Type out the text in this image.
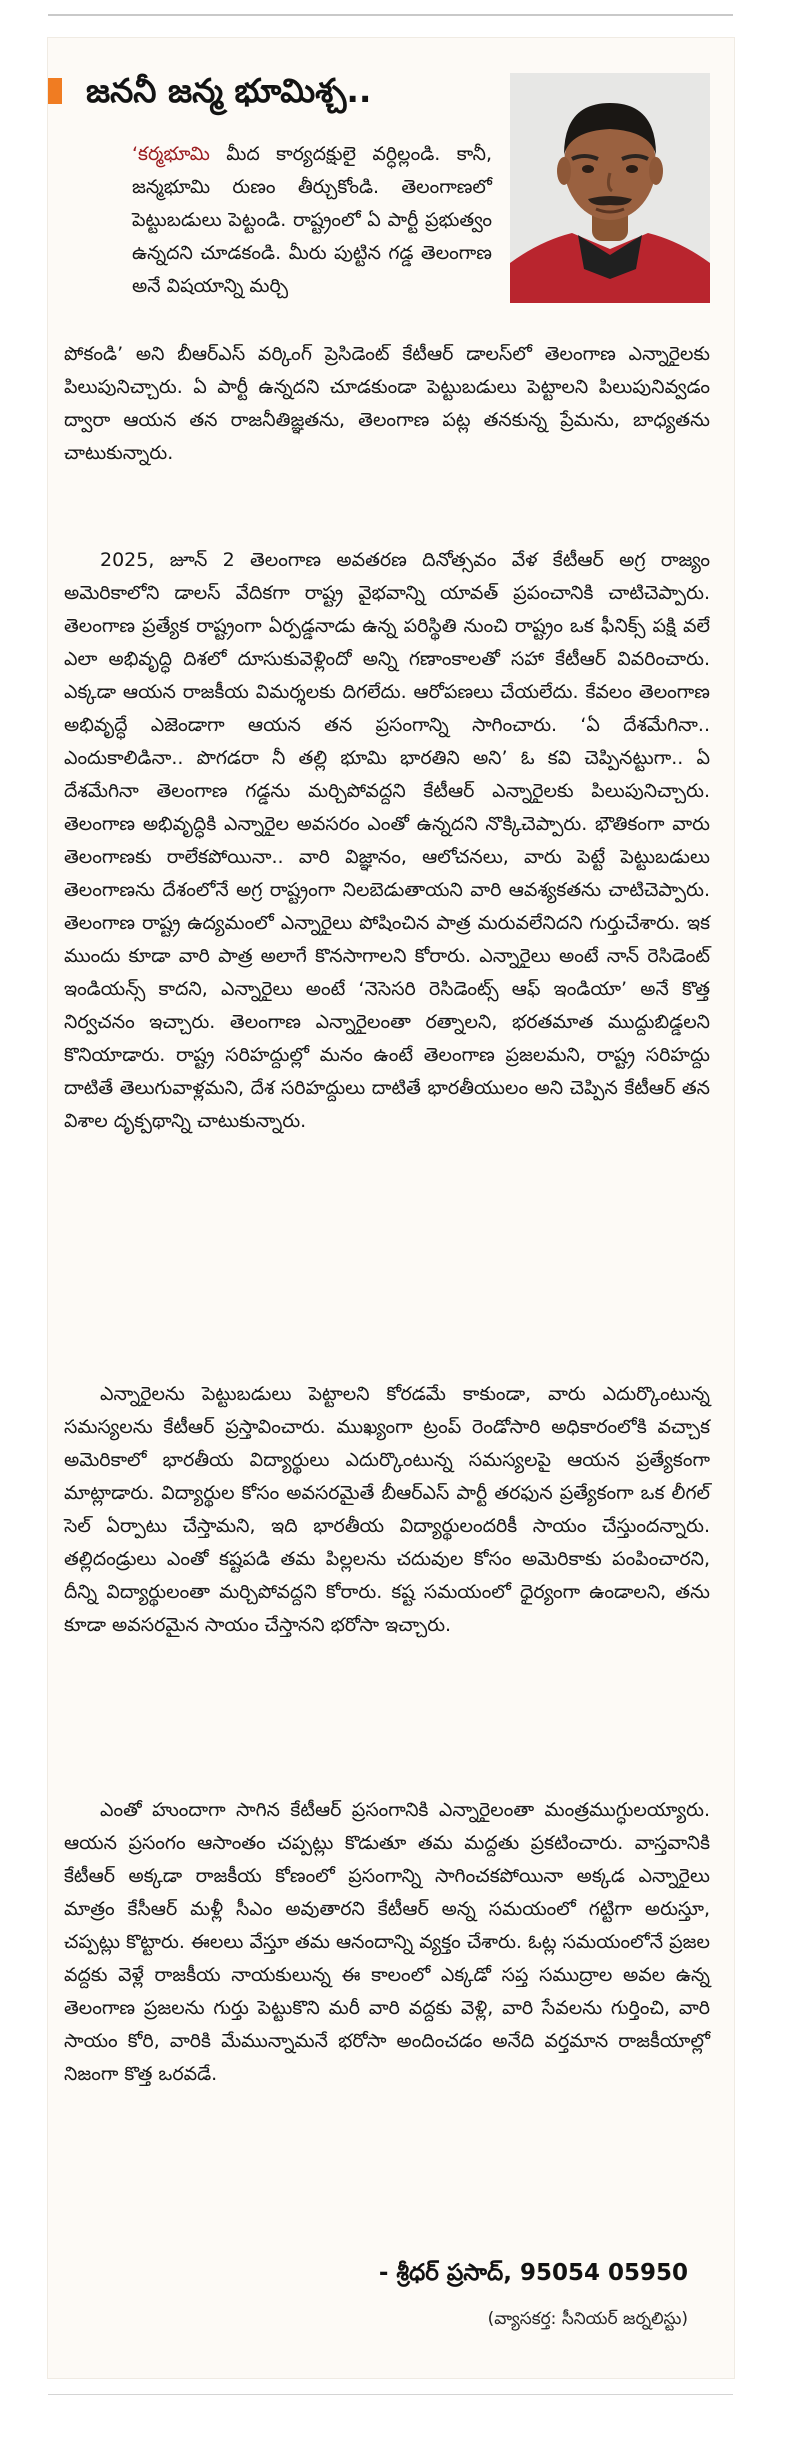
జననీ జన్మ భూమిశ్చ..

‘కర్మభూమి మీద కార్యదక్షులై వర్ధిల్లండి. కానీ, జన్మభూమి రుణం తీర్చుకోండి. తెలంగాణలో పెట్టుబడులు పెట్టండి. రాష్ట్రంలో ఏ పార్టీ ప్రభుత్వం ఉన్నదని చూడకండి. మీరు పుట్టిన గడ్డ తెలంగాణ అనే విషయాన్ని మర్చి

పోకండి’ అని బీఆర్‌ఎస్‌ వర్కింగ్‌ ప్రెసిడెంట్‌ కేటీఆర్‌ డాలస్‌లో తెలంగాణ ఎన్నారైలకు పిలుపునిచ్చారు. ఏ పార్టీ ఉన్నదని చూడకుండా పెట్టుబడులు పెట్టాలని పిలుపునివ్వడం ద్వారా ఆయన తన రాజనీతిజ్ఞతను, తెలంగాణ పట్ల తనకున్న ప్రేమను, బాధ్యతను చాటుకున్నారు.

2025, జూన్‌ 2 తెలంగాణ అవతరణ దినోత్సవం వేళ కేటీఆర్‌ అగ్ర రాజ్యం అమెరికాలోని డాలస్‌ వేదికగా రాష్ట్ర వైభవాన్ని యావత్‌ ప్రపంచానికి చాటిచెప్పారు. తెలంగాణ ప్రత్యేక రాష్ట్రంగా ఏర్పడ్డనాడు ఉన్న పరిస్థితి నుంచి రాష్ట్రం ఒక ఫీనిక్స్‌ పక్షి వలే ఎలా అభివృద్ధి దిశలో దూసుకువెళ్లిందో అన్ని గణాంకాలతో సహా కేటీఆర్‌ వివరించారు. ఎక్కడా ఆయన రాజకీయ విమర్శలకు దిగలేదు. ఆరోపణలు చేయలేదు. కేవలం తెలంగాణ అభివృద్ధే ఎజెండాగా ఆయన తన ప్రసంగాన్ని సాగించారు. ‘ఏ దేశమేగినా.. ఎందుకాలిడినా.. పొగడరా నీ తల్లి భూమి భారతిని అని’ ఓ కవి చెప్పినట్టుగా.. ఏ దేశమేగినా తెలంగాణ గడ్డను మర్చిపోవద్దని కేటీఆర్‌ ఎన్నారైలకు పిలుపునిచ్చారు. తెలంగాణ అభివృద్ధికి ఎన్నారైల అవసరం ఎంతో ఉన్నదని నొక్కిచెప్పారు. భౌతికంగా వారు తెలంగాణకు రాలేకపోయినా.. వారి విజ్ఞానం, ఆలోచనలు, వారు పెట్టే పెట్టుబడులు తెలంగాణను దేశంలోనే అగ్ర రాష్ట్రంగా నిలబెడుతాయని వారి ఆవశ్యకతను చాటిచెప్పారు. తెలంగాణ రాష్ట్ర ఉద్యమంలో ఎన్నారైలు పోషించిన పాత్ర మరువలేనిదని గుర్తుచేశారు. ఇక ముందు కూడా వారి పాత్ర అలాగే కొనసాగాలని కోరారు. ఎన్నారైలు అంటే నాన్‌ రెసిడెంట్‌ ఇండియన్స్‌ కాదని, ఎన్నారైలు అంటే ‘నెసెసరి రెసిడెంట్స్‌ ఆఫ్‌ ఇండియా’ అనే కొత్త నిర్వచనం ఇచ్చారు. తెలంగాణ ఎన్నారైలంతా రత్నాలని, భరతమాత ముద్దుబిడ్డలని కొనియాడారు. రాష్ట్ర సరిహద్దుల్లో మనం ఉంటే తెలంగాణ ప్రజలమని, రాష్ట్ర సరిహద్దు దాటితే తెలుగువాళ్లమని, దేశ సరిహద్దులు దాటితే భారతీయులం అని చెప్పిన కేటీఆర్‌ తన విశాల దృక్పథాన్ని చాటుకున్నారు.

ఎన్నారైలను పెట్టుబడులు పెట్టాలని కోరడమే కాకుండా, వారు ఎదుర్కొంటున్న సమస్యలను కేటీఆర్‌ ప్రస్తావించారు. ముఖ్యంగా ట్రంప్‌ రెండోసారి అధికారంలోకి వచ్చాక అమెరికాలో భారతీయ విద్యార్థులు ఎదుర్కొంటున్న సమస్యలపై ఆయన ప్రత్యేకంగా మాట్లాడారు. విద్యార్థుల కోసం అవసరమైతే బీఆర్‌ఎస్‌ పార్టీ తరఫున ప్రత్యేకంగా ఒక లీగల్‌ సెల్‌ ఏర్పాటు చేస్తామని, ఇది భారతీయ విద్యార్థులందరికీ సాయం చేస్తుందన్నారు. తల్లిదండ్రులు ఎంతో కష్టపడి తమ పిల్లలను చదువుల కోసం అమెరికాకు పంపించారని, దీన్ని విద్యార్థులంతా మర్చిపోవద్దని కోరారు. కష్ట సమయంలో ధైర్యంగా ఉండాలని, తను కూడా అవసరమైన సాయం చేస్తానని భరోసా ఇచ్చారు.

ఎంతో హుందాగా సాగిన కేటీఆర్‌ ప్రసంగానికి ఎన్నారైలంతా మంత్రముగ్ధులయ్యారు. ఆయన ప్రసంగం ఆసాంతం చప్పట్లు కొడుతూ తమ మద్దతు ప్రకటించారు. వాస్తవానికి కేటీఆర్‌ అక్కడా రాజకీయ కోణంలో ప్రసంగాన్ని సాగించకపోయినా అక్కడ ఎన్నారైలు మాత్రం కేసీఆర్‌ మళ్లీ సీఎం అవుతారని కేటీఆర్‌ అన్న సమయంలో గట్టిగా అరుస్తూ, చప్పట్లు కొట్టారు. ఈలలు వేస్తూ తమ ఆనందాన్ని వ్యక్తం చేశారు. ఓట్ల సమయంలోనే ప్రజల వద్దకు వెళ్లే రాజకీయ నాయకులున్న ఈ కాలంలో ఎక్కడో సప్త సముద్రాల అవల ఉన్న తెలంగాణ ప్రజలను గుర్తు పెట్టుకొని మరీ వారి వద్దకు వెళ్లి, వారి సేవలను గుర్తించి, వారి సాయం కోరి, వారికి మేమున్నామనే భరోసా అందించడం అనేది వర్తమాన రాజకీయాల్లో నిజంగా కొత్త ఒరవడే.

- శ్రీధర్‌ ప్రసాద్‌, 95054 05950
(వ్యాసకర్త: సీనియర్‌ జర్నలిస్టు)
